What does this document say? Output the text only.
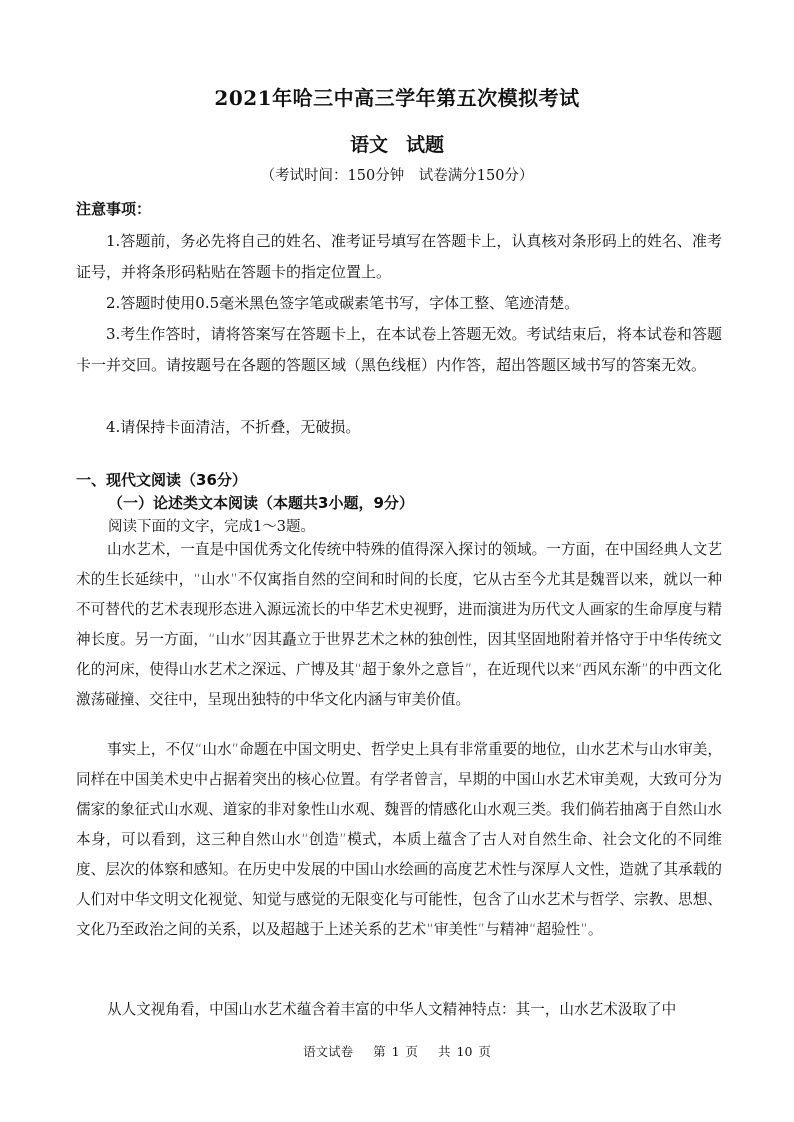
2021年哈三中高三学年第五次模拟考试
语文 试题
（考试时间：150分钟　试卷满分150分）
注意事项：

1.答题前，务必先将自己的姓名、准考证号填写在答题卡上，认真核对条形码上的姓名、准考证号，并将条形码粘贴在答题卡的指定位置上。

2.答题时使用0.5毫米黑色签字笔或碳素笔书写，字体工整、笔迹清楚。

3.考生作答时，请将答案写在答题卡上，在本试卷上答题无效。考试结束后，将本试卷和答题卡一并交回。请按题号在各题的答题区域（黑色线框）内作答，超出答题区域书写的答案无效。

4.请保持卡面清洁，不折叠，无破损。

一、现代文阅读（36分）
（一）论述类文本阅读（本题共3小题，9分）
阅读下面的文字，完成1～3题。

山水艺术，一直是中国优秀文化传统中特殊的值得深入探讨的领域。一方面，在中国经典人文艺术的生长延续中，“山水”不仅寓指自然的空间和时间的长度，它从古至今尤其是魏晋以来，就以一种不可替代的艺术表现形态进入源远流长的中华艺术史视野，进而演进为历代文人画家的生命厚度与精神长度。另一方面，“山水”因其矗立于世界艺术之林的独创性，因其坚固地附着并恪守于中华传统文化的河床，使得山水艺术之深远、广博及其“超于象外之意旨”，在近现代以来“西风东渐”的中西文化激荡碰撞、交往中，呈现出独特的中华文化内涵与审美价值。

事实上，不仅“山水”命题在中国文明史、哲学史上具有非常重要的地位，山水艺术与山水审美，同样在中国美术史中占据着突出的核心位置。有学者曾言，早期的中国山水艺术审美观，大致可分为儒家的象征式山水观、道家的非对象性山水观、魏晋的情感化山水观三类。我们倘若抽离于自然山水本身，可以看到，这三种自然山水“创造”模式，本质上蕴含了古人对自然生命、社会文化的不同维度、层次的体察和感知。在历史中发展的中国山水绘画的高度艺术性与深厚人文性，造就了其承载的人们对中华文明文化视觉、知觉与感觉的无限变化与可能性，包含了山水艺术与哲学、宗教、思想、文化乃至政治之间的关系，以及超越于上述关系的艺术“审美性”与精神“超验性”。

从人文视角看，中国山水艺术蕴含着丰富的中华人文精神特点：其一，山水艺术汲取了中

语文试卷 第 1 页 共 10 页
